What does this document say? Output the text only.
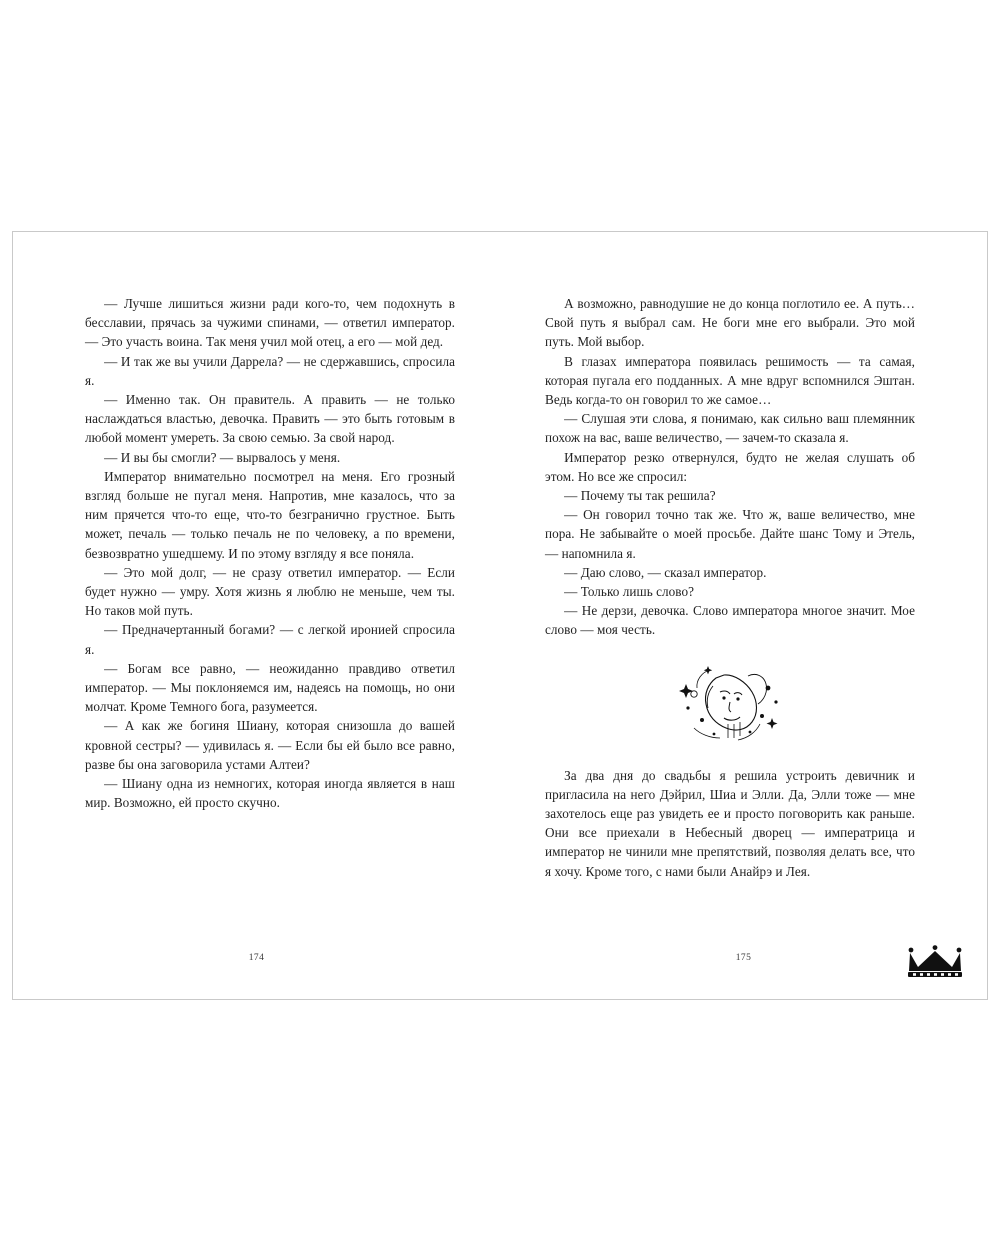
— Лучше лишиться жизни ради кого-то, чем подохнуть в бесславии, прячась за чужими спинами, — ответил император. — Это участь воина. Так меня учил мой отец, а его — мой дед.

— И так же вы учили Даррела? — не сдержавшись, спросила я.

— Именно так. Он правитель. А править — не только наслаждаться властью, девочка. Править — это быть готовым в любой момент умереть. За свою семью. За свой народ.

— И вы бы смогли? — вырвалось у меня.

Император внимательно посмотрел на меня. Его грозный взгляд больше не пугал меня. Напротив, мне казалось, что за ним прячется что-то еще, что-то безгранично грустное. Быть может, печаль — только печаль не по человеку, а по времени, безвозвратно ушедшему. И по этому взгляду я все поняла.

— Это мой долг, — не сразу ответил император. — Если будет нужно — умру. Хотя жизнь я люблю не меньше, чем ты. Но таков мой путь.

— Предначертанный богами? — с легкой иронией спросила я.

— Богам все равно, — неожиданно правдиво ответил император. — Мы поклоняемся им, надеясь на помощь, но они молчат. Кроме Темного бога, разумеется.

— А как же богиня Шиану, которая снизошла до вашей кровной сестры? — удивилась я. — Если бы ей было все равно, разве бы она заговорила устами Алтеи?

— Шиану одна из немногих, которая иногда является в наш мир. Возможно, ей просто скучно.

174

А возможно, равнодушие не до конца поглотило ее. А путь… Свой путь я выбрал сам. Не боги мне его выбрали. Это мой путь. Мой выбор.

В глазах императора появилась решимость — та самая, которая пугала его подданных. А мне вдруг вспомнился Эштан. Ведь когда-то он говорил то же самое…

— Слушая эти слова, я понимаю, как сильно ваш племянник похож на вас, ваше величество, — зачем-то сказала я.

Император резко отвернулся, будто не желая слушать об этом. Но все же спросил:

— Почему ты так решила?

— Он говорил точно так же. Что ж, ваше величество, мне пора. Не забывайте о моей просьбе. Дайте шанс Тому и Этель, — напомнила я.

— Даю слово, — сказал император.

— Только лишь слово?

— Не дерзи, девочка. Слово императора многое значит. Мое слово — моя честь.

За два дня до свадьбы я решила устроить девичник и пригласила на него Дэйрил, Шиа и Элли. Да, Элли тоже — мне захотелось еще раз увидеть ее и просто поговорить как раньше. Они все приехали в Небесный дворец — императрица и император не чинили мне препятствий, позволяя делать все, что я хочу. Кроме того, с нами были Анайрэ и Лея.

175
